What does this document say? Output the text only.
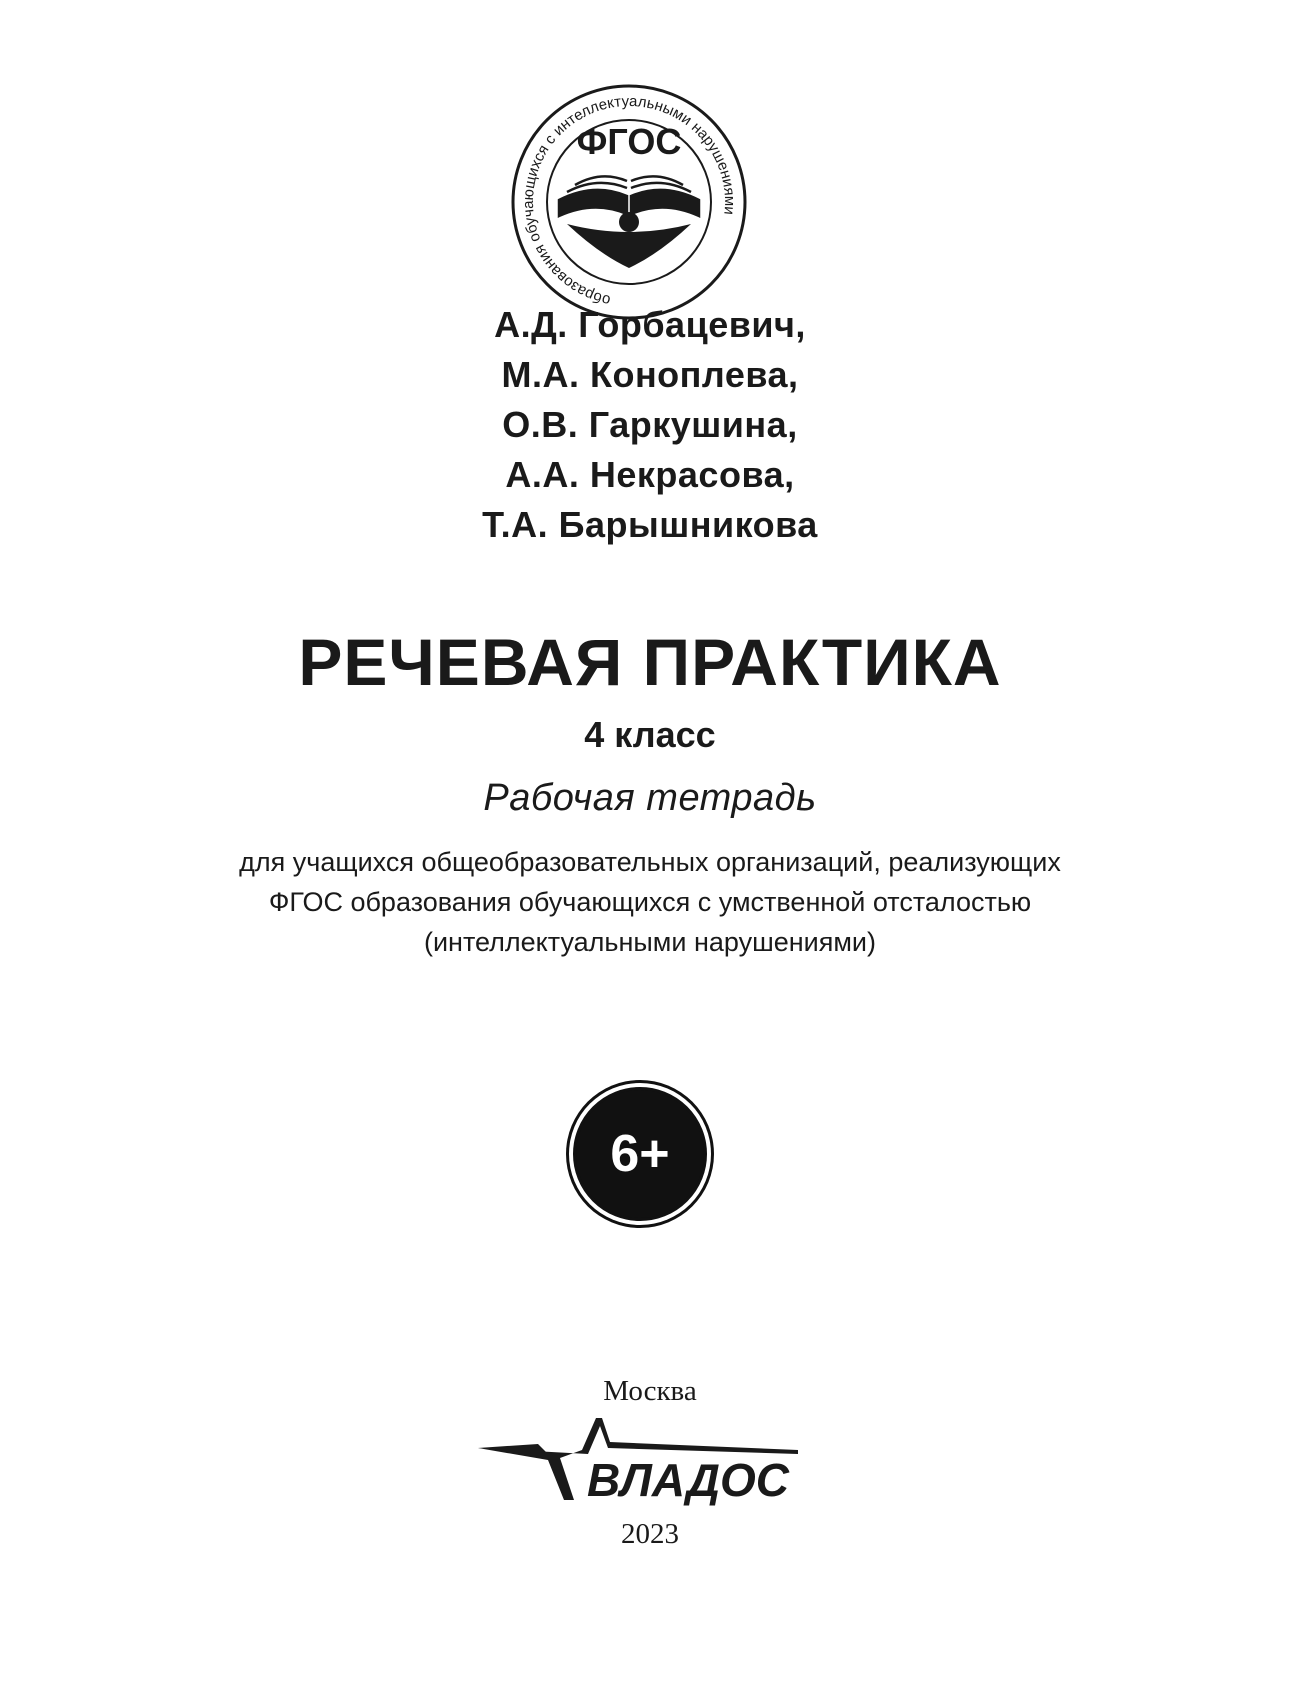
образования обучающихся с интеллектуальными нарушениями
ФГОС
А.Д. Горбацевич,
М.А. Коноплева,
О.В. Гаркушина,
А.А. Некрасова,
Т.А. Барышникова
РЕЧЕВАЯ ПРАКТИКА
4 класс
Рабочая тетрадь
для учащихся общеобразовательных организаций, реализующих
ФГОС образования обучающихся с умственной отсталостью
(интеллектуальными нарушениями)
6+
Москва
ВЛАДОС
2023
